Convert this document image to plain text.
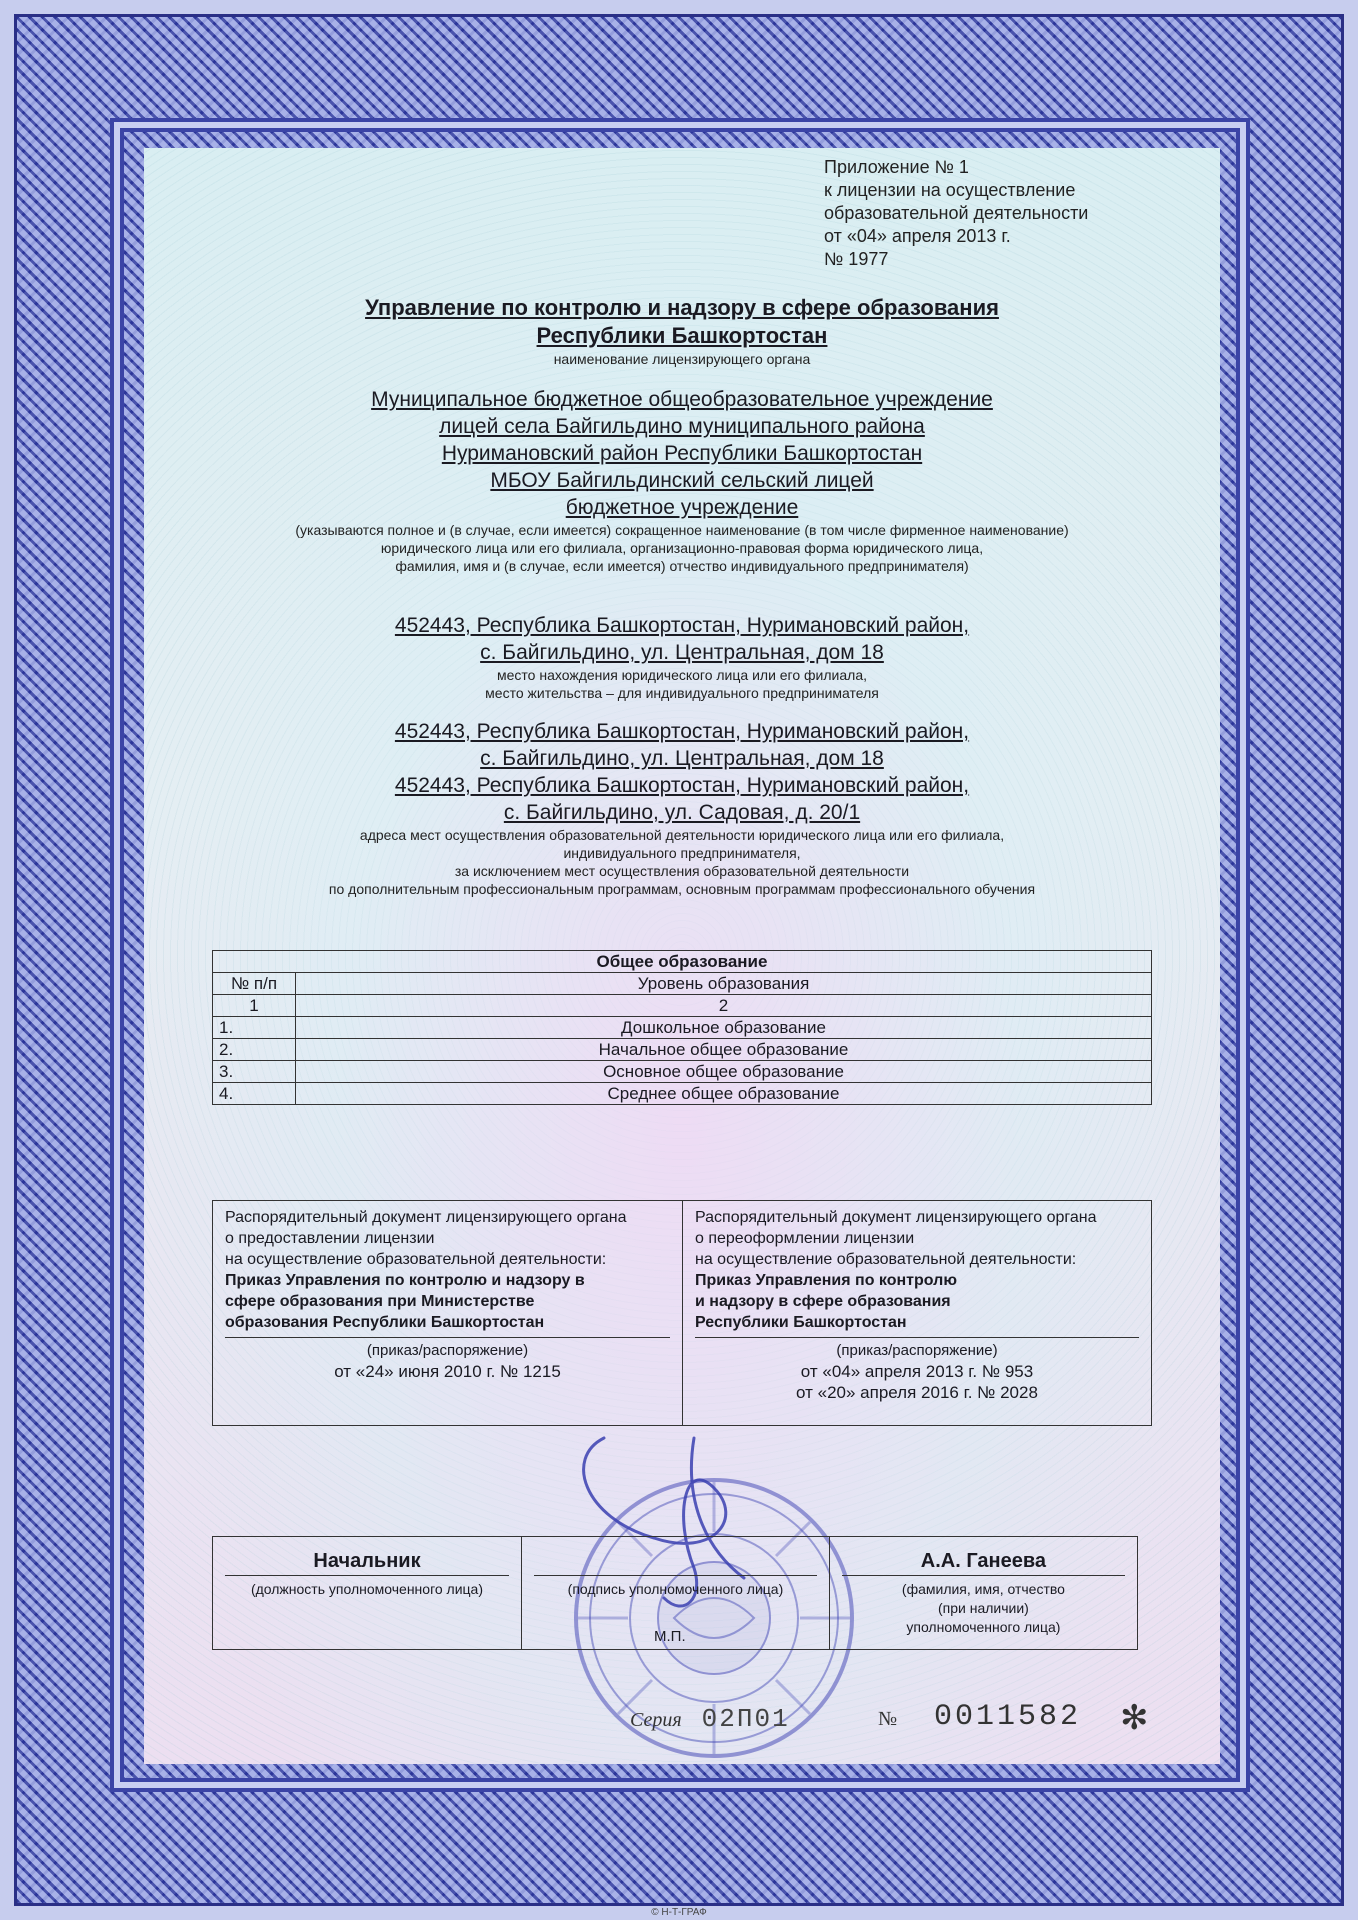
Приложение № 1
к лицензии на осуществление
образовательной деятельности
от «04» апреля 2013 г.
№ 1977
Управление по контролю и надзору в сфере образования
Республики Башкортостан
наименование лицензирующего органа
Муниципальное бюджетное общеобразовательное учреждение
лицей села Байгильдино муниципального района
Нуримановский район Республики Башкортостан
МБОУ Байгильдинский сельский лицей
бюджетное учреждение
(указываются полное и (в случае, если имеется) сокращенное наименование (в том числе фирменное наименование)
юридического лица или его филиала, организационно-правовая форма юридического лица,
фамилия, имя и (в случае, если имеется) отчество индивидуального предпринимателя)
452443, Республика Башкортостан, Нуримановский район,
с. Байгильдино, ул. Центральная, дом 18
место нахождения юридического лица или его филиала,
место жительства – для индивидуального предпринимателя
452443, Республика Башкортостан, Нуримановский район,
с. Байгильдино, ул. Центральная, дом 18
452443, Республика Башкортостан, Нуримановский район,
с. Байгильдино, ул. Садовая, д. 20/1
адреса мест осуществления образовательной деятельности юридического лица или его филиала,
индивидуального предпринимателя,
за исключением мест осуществления образовательной деятельности
по дополнительным профессиональным программам, основным программам профессионального обучения
Общее образование	
№ п/п	Уровень образования
1	2
1.	Дошкольное образование
2.	Начальное общее образование
3.	Основное общее образование
4.	Среднее общее образование
Распорядительный документ лицензирующего органа
о предоставлении лицензии
на осуществление образовательной деятельности:
Приказ Управления по контролю и надзору в
сфере образования при Министерстве
образования Республики Башкортостан
(приказ/распоряжение)
от «24» июня 2010 г. № 1215
Распорядительный документ лицензирующего органа
о переоформлении лицензии
на осуществление образовательной деятельности:
Приказ Управления по контролю
и надзору в сфере образования
Республики Башкортостан
(приказ/распоряжение)
от «04» апреля 2013 г. № 953
от «20» апреля 2016 г. № 2028
Начальник
(должность уполномоченного лица)	(подпись уполномоченного лица)
А.А. Ганеева
(фамилия, имя, отчество
(при наличии)
уполномоченного лица)
М.П.
Серия 02П01	№ 0011582 ✻
© Н-Т-ГРАФ
